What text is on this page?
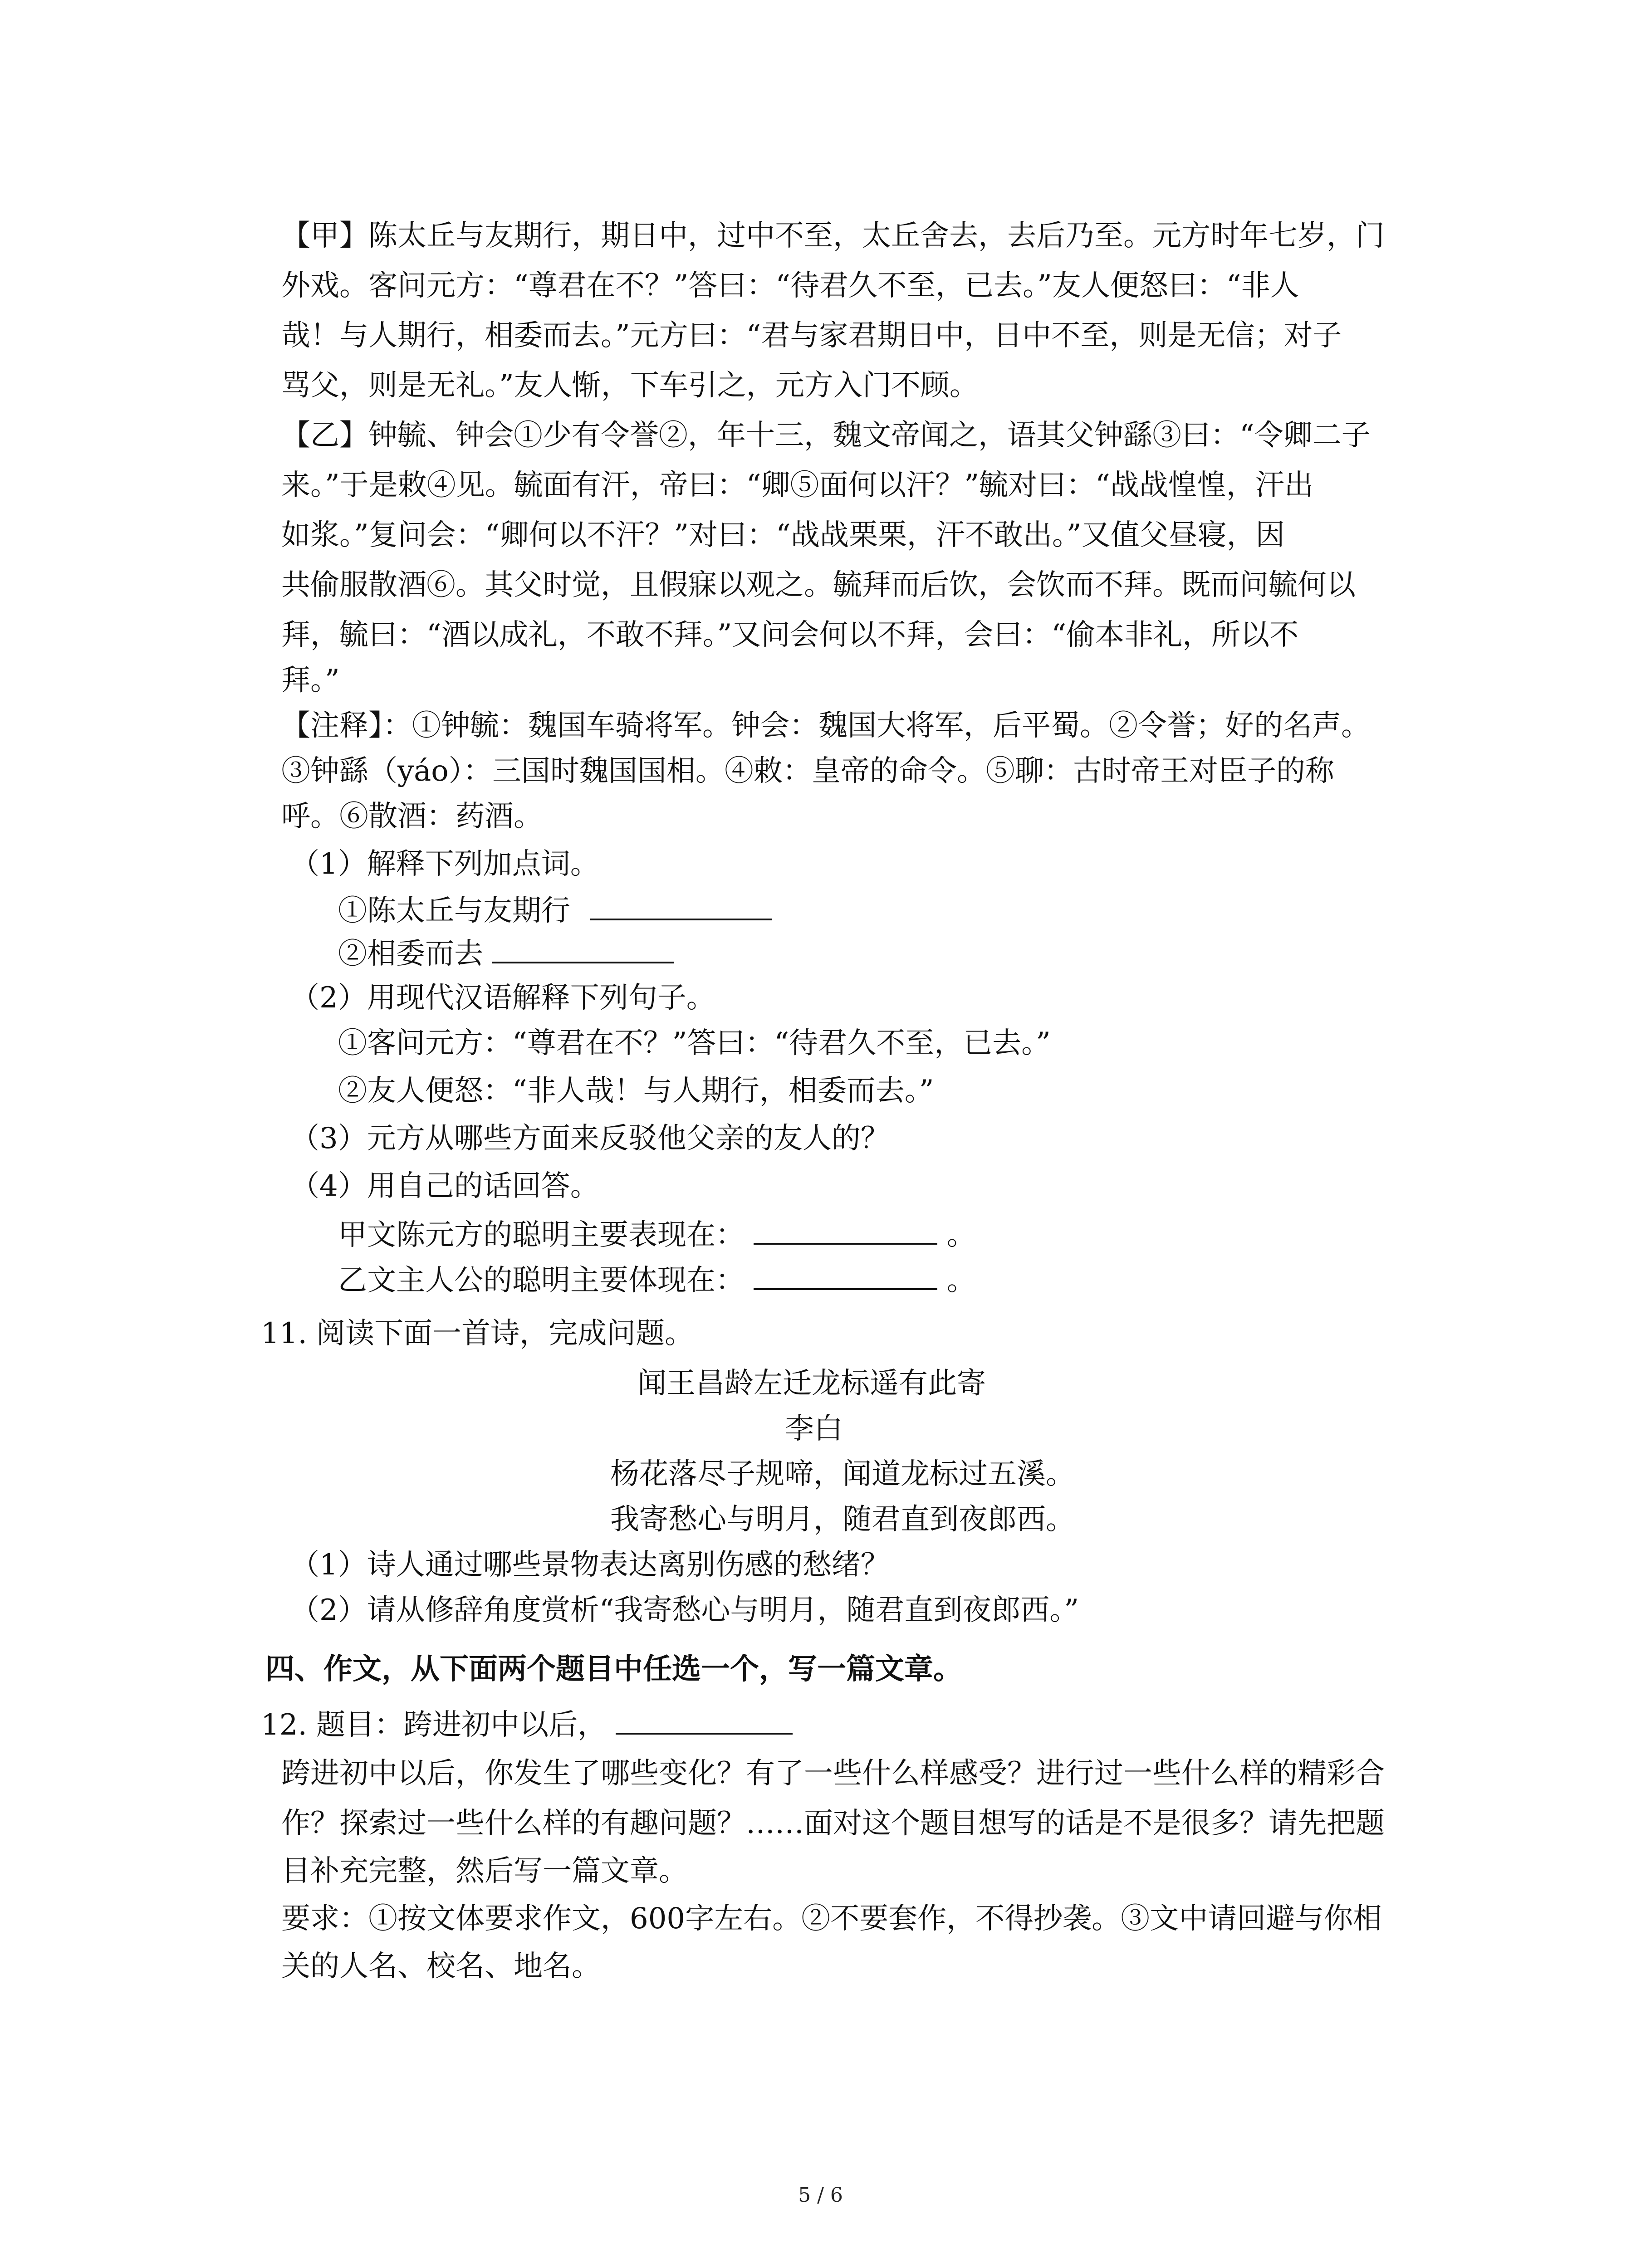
【甲】陈太丘与友期行，期日中，过中不至，太丘舍去，去后乃至。元方时年七岁，门
外戏。客问元方：“尊君在不？”答曰：“待君久不至，已去。”友人便怒曰：“非人
哉！与人期行，相委而去。”元方曰：“君与家君期日中，日中不至，则是无信；对子
骂父，则是无礼。”友人惭，下车引之，元方入门不顾。
【乙】钟毓、钟会①少有令誉②，年十三，魏文帝闻之，语其父钟繇③曰：“令卿二子
来。”于是敕④见。毓面有汗，帝曰：“卿⑤面何以汗？”毓对曰：“战战惶惶，汗出
如浆。”复问会：“卿何以不汗？”对曰：“战战栗栗，汗不敢出。”又值父昼寝，因
共偷服散酒⑥。其父时觉，且假寐以观之。毓拜而后饮，会饮而不拜。既而问毓何以
拜，毓曰：“酒以成礼，不敢不拜。”又问会何以不拜，会曰：“偷本非礼，所以不
拜。”
【注释】：①钟毓：魏国车骑将军。钟会：魏国大将军，后平蜀。②令誉；好的名声。
③钟繇（yáo）：三国时魏国国相。④敕：皇帝的命令。⑤聊：古时帝王对臣子的称
呼。⑥散酒：药酒。
（1）解释下列加点词。
①陈太丘与友期行
②相委而去
（2）用现代汉语解释下列句子。
①客问元方：“尊君在不？”答曰：“待君久不至，已去。”
②友人便怒：“非人哉！与人期行，相委而去。”
（3）元方从哪些方面来反驳他父亲的友人的？
（4）用自己的话回答。
甲文陈元方的聪明主要表现在：	。
乙文主人公的聪明主要体现在：	。
11. 阅读下面一首诗，完成问题。
闻王昌龄左迁龙标遥有此寄
李白
杨花落尽子规啼，闻道龙标过五溪。
我寄愁心与明月，随君直到夜郎西。
（1）诗人通过哪些景物表达离别伤感的愁绪？
（2）请从修辞角度赏析“我寄愁心与明月，随君直到夜郎西。”
四、作文，从下面两个题目中任选一个，写一篇文章。
12. 题目：跨进初中以后，
跨进初中以后，你发生了哪些变化？有了一些什么样感受？进行过一些什么样的精彩合
作？探索过一些什么样的有趣问题？……面对这个题目想写的话是不是很多？请先把题
目补充完整，然后写一篇文章。
要求：①按文体要求作文，600字左右。②不要套作，不得抄袭。③文中请回避与你相
关的人名、校名、地名。
5 / 6
